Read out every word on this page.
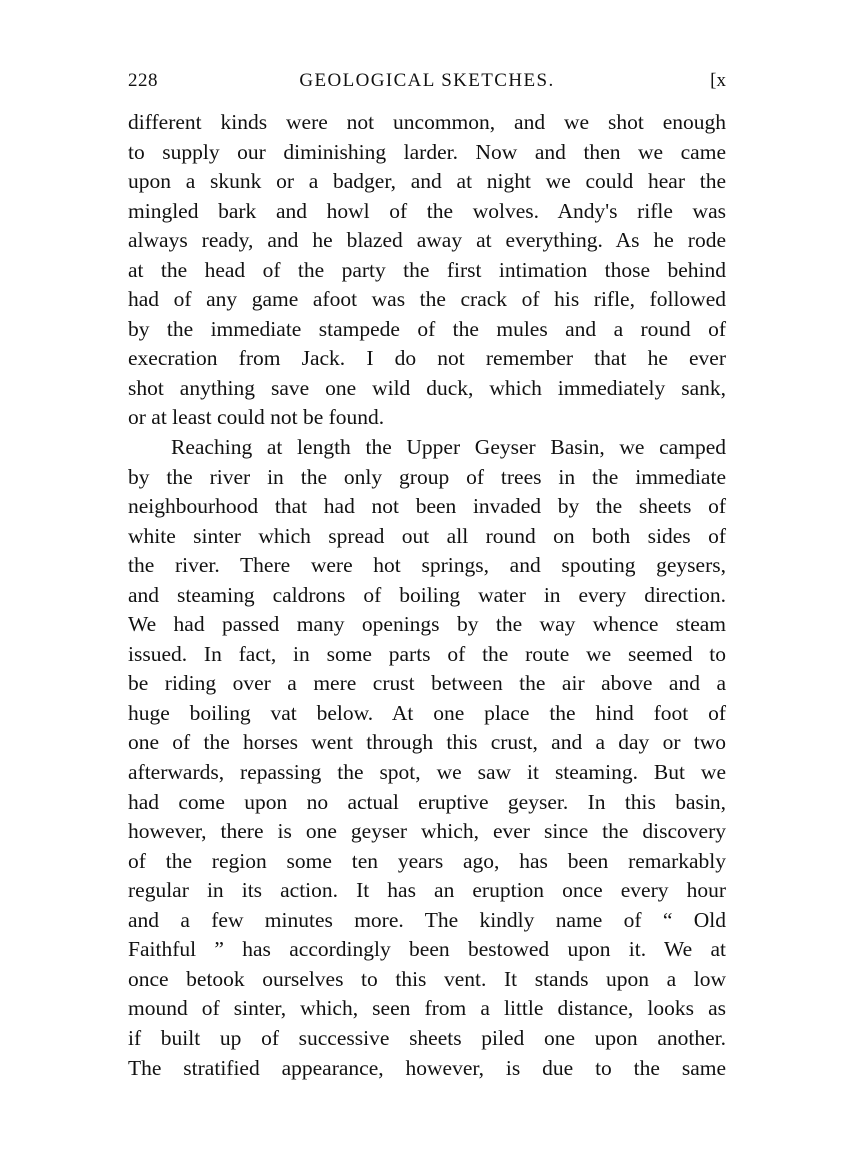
228	GEOLOGICAL SKETCHES.	[x
different kinds were not uncommon, and we shot enough
to supply our diminishing larder. Now and then we came
upon a skunk or a badger, and at night we could hear the
mingled bark and howl of the wolves. Andy's rifle was
always ready, and he blazed away at everything. As he rode
at the head of the party the first intimation those behind
had of any game afoot was the crack of his rifle, followed
by the immediate stampede of the mules and a round of
execration from Jack. I do not remember that he ever
shot anything save one wild duck, which immediately sank,
or at least could not be found.
Reaching at length the Upper Geyser Basin, we camped
by the river in the only group of trees in the immediate
neighbourhood that had not been invaded by the sheets of
white sinter which spread out all round on both sides of
the river. There were hot springs, and spouting geysers,
and steaming caldrons of boiling water in every direction.
We had passed many openings by the way whence steam
issued. In fact, in some parts of the route we seemed to
be riding over a mere crust between the air above and a
huge boiling vat below. At one place the hind foot of
one of the horses went through this crust, and a day or two
afterwards, repassing the spot, we saw it steaming. But we
had come upon no actual eruptive geyser. In this basin,
however, there is one geyser which, ever since the discovery
of the region some ten years ago, has been remarkably
regular in its action. It has an eruption once every hour
and a few minutes more. The kindly name of “ Old
Faithful ” has accordingly been bestowed upon it. We at
once betook ourselves to this vent. It stands upon a low
mound of sinter, which, seen from a little distance, looks as
if built up of successive sheets piled one upon another.
The stratified appearance, however, is due to the same
